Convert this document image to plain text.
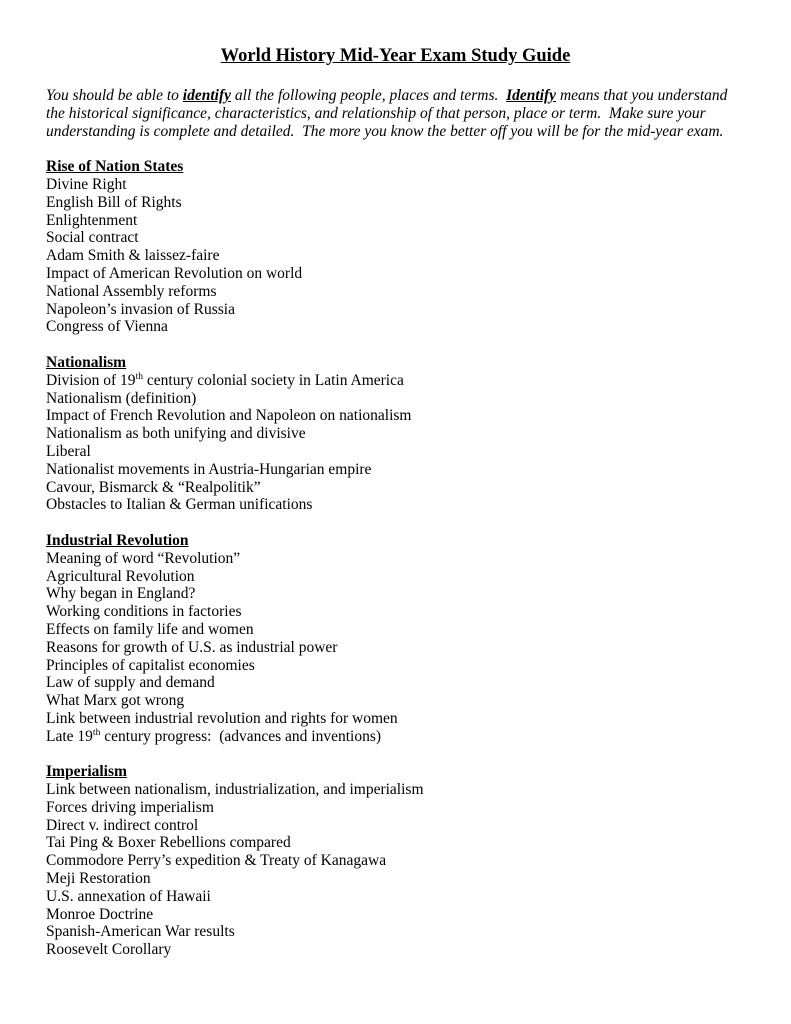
World History Mid-Year Exam Study Guide

You should be able to identify all the following people, places and terms.  Identify means that you understand the historical significance, characteristics, and relationship of that person, place or term.  Make sure your understanding is complete and detailed.  The more you know the better off you will be for the mid-year exam.

Rise of Nation States
Divine Right
English Bill of Rights
Enlightenment
Social contract
Adam Smith & laissez-faire
Impact of American Revolution on world
National Assembly reforms
Napoleon’s invasion of Russia
Congress of Vienna
Nationalism
Division of 19th century colonial society in Latin America
Nationalism (definition)
Impact of French Revolution and Napoleon on nationalism
Nationalism as both unifying and divisive
Liberal
Nationalist movements in Austria-Hungarian empire
Cavour, Bismarck & “Realpolitik”
Obstacles to Italian & German unifications
Industrial Revolution
Meaning of word “Revolution”
Agricultural Revolution
Why began in England?
Working conditions in factories
Effects on family life and women
Reasons for growth of U.S. as industrial power
Principles of capitalist economies
Law of supply and demand
What Marx got wrong
Link between industrial revolution and rights for women
Late 19th century progress:  (advances and inventions)
Imperialism
Link between nationalism, industrialization, and imperialism
Forces driving imperialism
Direct v. indirect control
Tai Ping & Boxer Rebellions compared
Commodore Perry’s expedition & Treaty of Kanagawa
Meji Restoration
U.S. annexation of Hawaii
Monroe Doctrine
Spanish-American War results
Roosevelt Corollary
